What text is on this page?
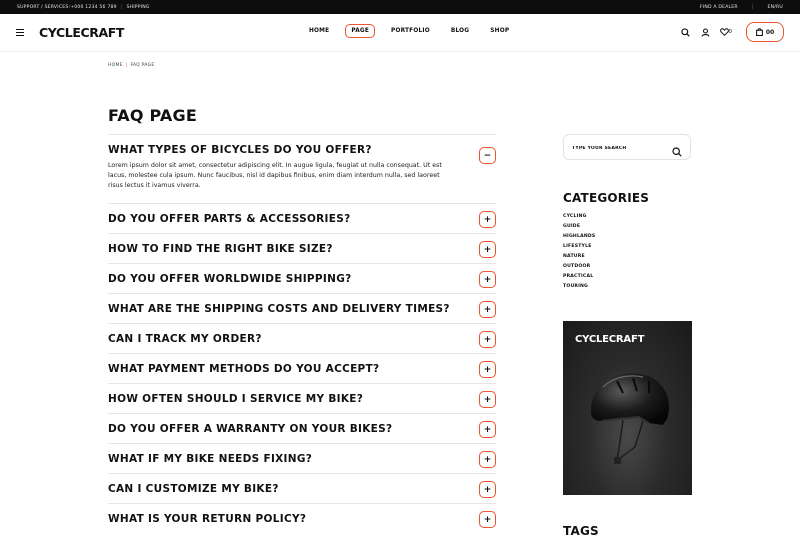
SUPPORT / SERVICES:+000 1234 56 789 | SHIPPING	FIND A DEALER	|	EN/RU
CYCLECRAFT	HOME	PAGE	PORTFOLIO	BLOG	SHOP	0	00
HOME | FAQ PAGE
FAQ PAGE
WHAT TYPES OF BICYCLES DO YOU OFFER?
Lorem ipsum dolor sit amet, consectetur adipiscing elit. In augue ligula, feugiat ut nulla consequat. Ut est lacus, molestee cula ipsum. Nunc faucibus, nisl id dapibus finibus, enim diam interdum nulla, sed laoreet risus lectus it ivamus viverra.
−
DO YOU OFFER PARTS & ACCESSORIES?	+
HOW TO FIND THE RIGHT BIKE SIZE?	+
DO YOU OFFER WORLDWIDE SHIPPING?	+
WHAT ARE THE SHIPPING COSTS AND DELIVERY TIMES?	+
CAN I TRACK MY ORDER?	+
WHAT PAYMENT METHODS DO YOU ACCEPT?	+
HOW OFTEN SHOULD I SERVICE MY BIKE?	+
DO YOU OFFER A WARRANTY ON YOUR BIKES?	+
WHAT IF MY BIKE NEEDS FIXING?	+
CAN I CUSTOMIZE MY BIKE?	+
WHAT IS YOUR RETURN POLICY?	+
TYPE YOUR SEARCH
CATEGORIES
CYCLING
GUIDE
HIGHLANDS
LIFESTYLE
NATURE
OUTDOOR
PRACTICAL
TOURING
CYCLECRAFT
TAGS
